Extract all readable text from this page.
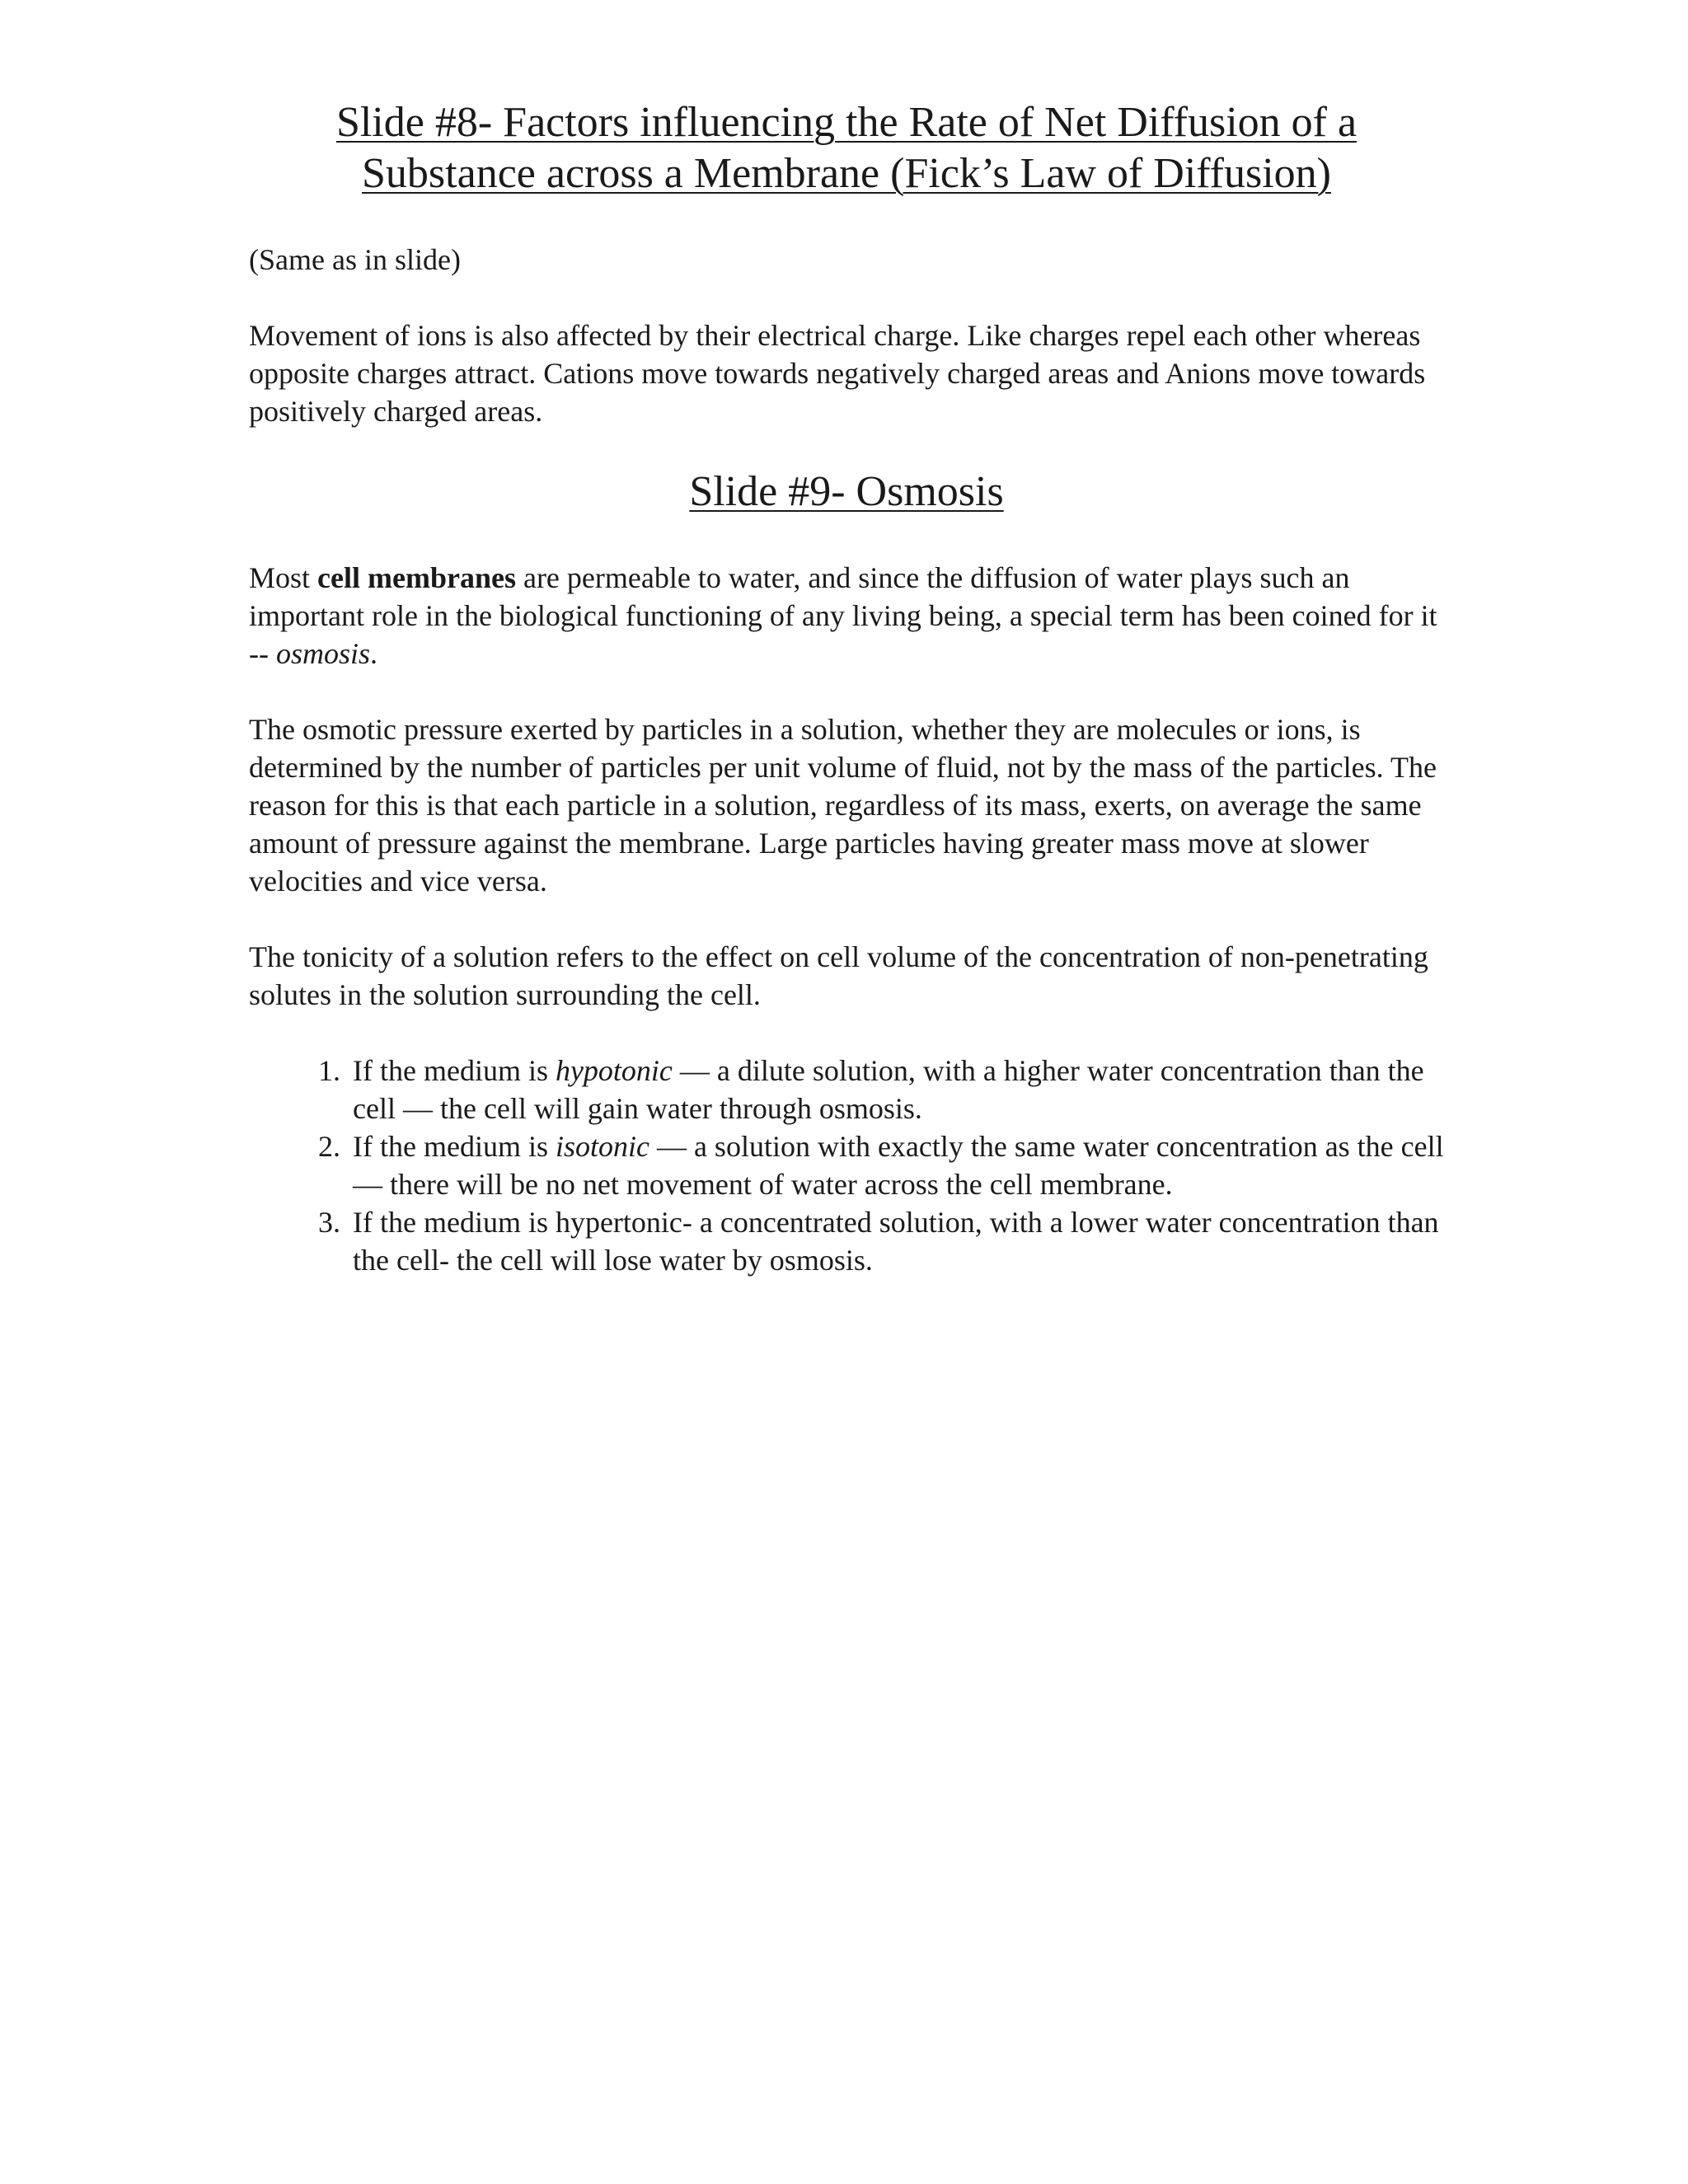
Slide #8- Factors influencing the Rate of Net Diffusion of a
Substance across a Membrane (Fick’s Law of Diffusion)

(Same as in slide)

Movement of ions is also affected by their electrical charge. Like charges repel each other whereas opposite charges attract. Cations move towards negatively charged areas and Anions move towards positively charged areas.

Slide #9- Osmosis

Most cell membranes are permeable to water, and since the diffusion of water plays such an important role in the biological functioning of any living being, a special term has been coined for it -- osmosis.

The osmotic pressure exerted by particles in a solution, whether they are molecules or ions, is determined by the number of particles per unit volume of fluid, not by the mass of the particles. The reason for this is that each particle in a solution, regardless of its mass, exerts, on average the same amount of pressure against the membrane. Large particles having greater mass move at slower velocities and vice versa.

The tonicity of a solution refers to the effect on cell volume of the concentration of non-penetrating solutes in the solution surrounding the cell.

1. If the medium is hypotonic — a dilute solution, with a higher water concentration than the cell — the cell will gain water through osmosis.
2. If the medium is isotonic — a solution with exactly the same water concentration as the cell — there will be no net movement of water across the cell membrane.
3. If the medium is hypertonic- a concentrated solution, with a lower water concentration than the cell- the cell will lose water by osmosis.
